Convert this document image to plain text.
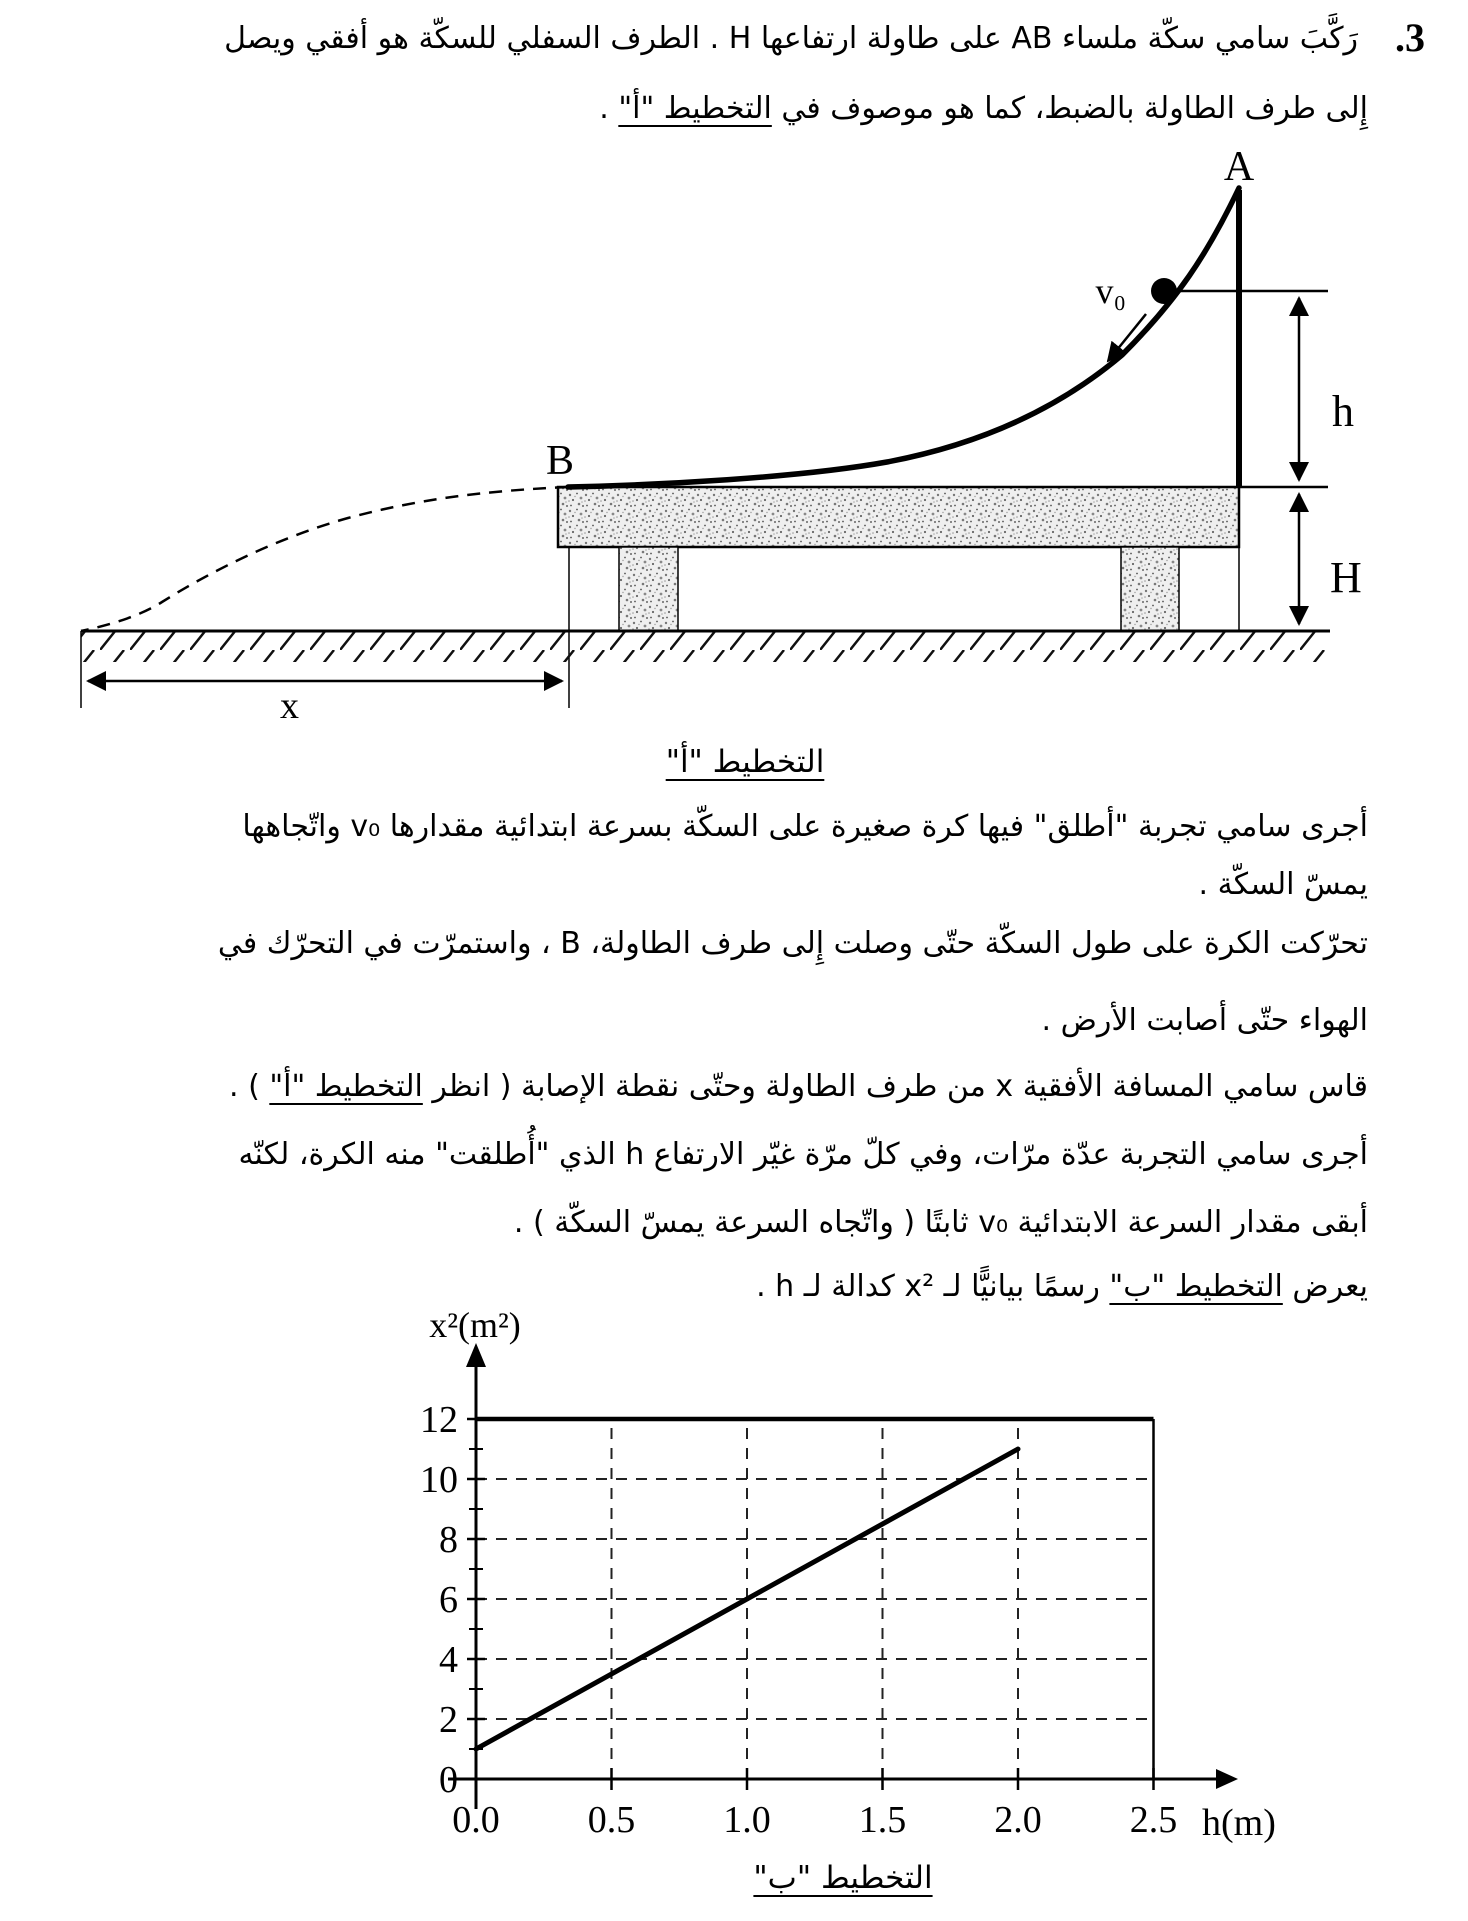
.3
رَكَّبَ سامي سكّة ملساء AB على طاولة ارتفاعها H . الطرف السفلي للسكّة هو أفقي ويصل
إِلى طرف الطاولة بالضبط، كما هو موصوف في التخطيط "أ" .
A
B
v₀
h
H
x
التخطيط "أ"
أجرى سامي تجربة "أطلق" فيها كرة صغيرة على السكّة بسرعة ابتدائية مقدارها v₀ واتّجاهها
يمسّ السكّة .
تحرّكت الكرة على طول السكّة حتّى وصلت إِلى طرف الطاولة، B ، واستمرّت في التحرّك في
الهواء حتّى أصابت الأرض .
قاس سامي المسافة الأفقية x من طرف الطاولة وحتّى نقطة الإصابة ( انظر التخطيط "أ" ) .
أجرى سامي التجربة عدّة مرّات، وفي كلّ مرّة غيّر الارتفاع h الذي "أُطلقت" منه الكرة، لكنّه
أبقى مقدار السرعة الابتدائية v₀ ثابتًا ( واتّجاه السرعة يمسّ السكّة ) .
يعرض التخطيط "ب" رسمًا بيانيًّا لـ x² كدالة لـ h .
0.0 0.5 1.0 1.5 2.0 2.5
0
2
4
6
8
10
12
x²(m²)
h(m)
التخطيط "ب"
